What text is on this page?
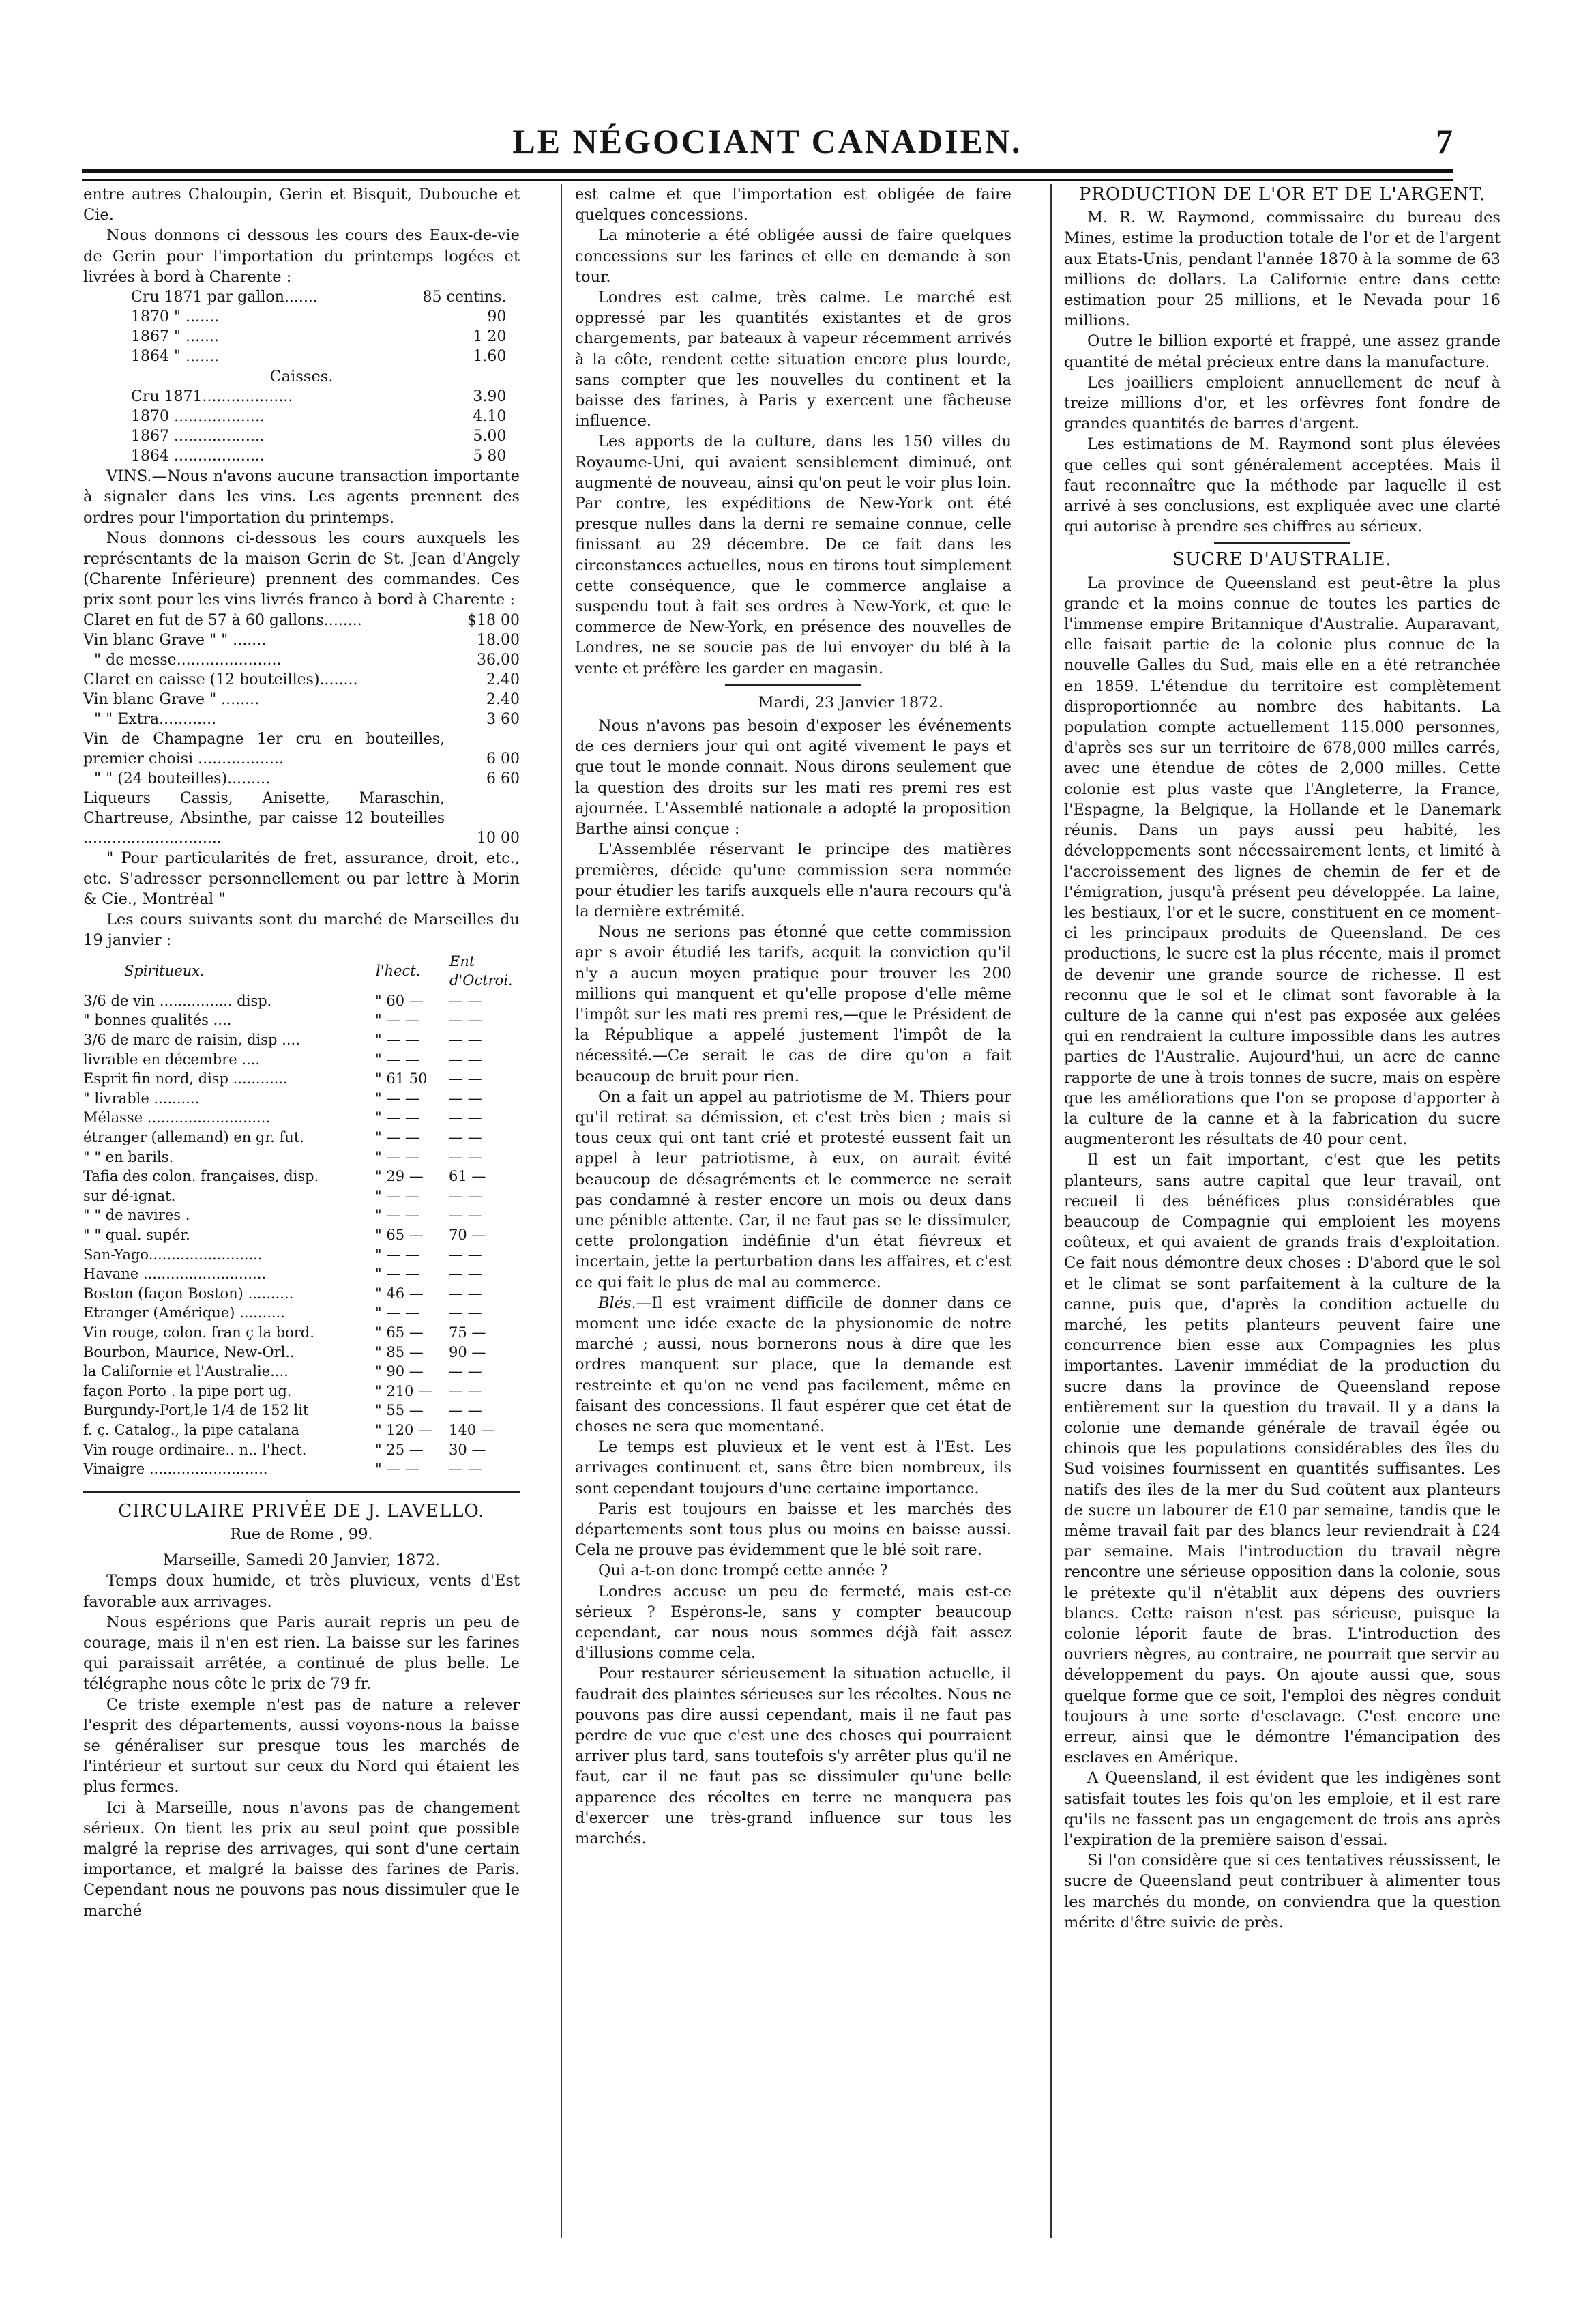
LE NÉGOCIANT CANADIEN.	7

entre autres Chaloupin, Gerin et Bisquit, Dubouche et Cie.

Nous donnons ci dessous les cours des Eaux-de-vie de Gerin pour l'importation du printemps logées et livrées à bord à Charente :

Cru 1871 par gallon.......	85 centins.
1870 " .......	90
1867 " .......	1 20
1864 " .......	1.60

Caisses.

Cru 1871...................	3.90
1870 ...................	4.10
1867 ...................	5.00
1864 ...................	5 80

VINS.—Nous n'avons aucune transaction importante à signaler dans les vins. Les agents prennent des ordres pour l'importation du printemps.

Nous donnons ci-dessous les cours auxquels les représentants de la maison Gerin de St. Jean d'Angely (Charente Inférieure) prennent des commandes. Ces prix sont pour les vins livrés franco à bord à Charente :

Claret en fut de 57 à 60 gallons........	$18 00
Vin blanc Grave " " .......	18.00
" de messe......................	36.00
Claret en caisse (12 bouteilles)........	2.40
Vin blanc Grave " ........	2.40
" " Extra............	3 60
Vin de Champagne 1er cru en bouteilles, premier choisi ..................	6 00
" " (24 bouteilles).........	6 60
Liqueurs Cassis, Anisette, Maraschin, Chartreuse, Absinthe, par caisse 12 bouteilles .............................	10 00

" Pour particularités de fret, assurance, droit, etc., etc. S'adresser personnellement ou par lettre à Morin & Cie., Montréal "

Les cours suivants sont du marché de Marseilles du 19 janvier :

Spiritueux.	l'hect.	Ent d'Octroi.
3/6 de vin ................ disp.	" 60 —	— —
" bonnes qualités ....	" — —	— —
3/6 de marc de raisin, disp ....	" — —	— —
livrable en décembre ....	" — —	— —
Esprit fin nord, disp ............	" 61 50	— —
" livrable ..........	" — —	— —
Mélasse ...........................	" — —	— —
étranger (allemand) en gr. fut.	" — —	— —
" " en barils.	" — —	— —
Tafia des colon. françaises, disp.	" 29 —	61 —
sur dé-ignat.	" — —	— —
" " de navires .	" — —	— —
" " qual. supér.	" 65 —	70 —
San-Yago.........................	" — —	— —
Havane ...........................	" — —	— —
Boston (façon Boston) ..........	" 46 —	— —
Etranger (Amérique) ..........	" — —	— —
Vin rouge, colon. fran ç la bord.	" 65 —	75 —
Bourbon, Maurice, New-Orl..	" 85 —	90 —
la Californie et l'Australie....	" 90 —	— —
façon Porto . la pipe port ug.	" 210 —	— —
Burgundy-Port,le 1/4 de 152 lit	" 55 —	— —
f. ç. Catalog., la pipe catalana	" 120 —	140 —
Vin rouge ordinaire.. n.. l'hect.	" 25 —	30 —
Vinaigre ..........................	" — —	— —

CIRCULAIRE PRIVÉE DE J. LAVELLO.

Rue de Rome , 99.

Marseille, Samedi 20 Janvier, 1872.

Temps doux humide, et très pluvieux, vents d'Est favorable aux arrivages.

Nous espérions que Paris aurait repris un peu de courage, mais il n'en est rien. La baisse sur les farines qui paraissait arrêtée, a continué de plus belle. Le télégraphe nous côte le prix de 79 fr.

Ce triste exemple n'est pas de nature a relever l'esprit des départements, aussi voyons-nous la baisse se généraliser sur presque tous les marchés de l'intérieur et surtout sur ceux du Nord qui étaient les plus fermes.

Ici à Marseille, nous n'avons pas de changement sérieux. On tient les prix au seul point que possible malgré la reprise des arrivages, qui sont d'une certain importance, et malgré la baisse des farines de Paris. Cependant nous ne pouvons pas nous dissimuler que le marché

est calme et que l'importation est obligée de faire quelques concessions.

La minoterie a été obligée aussi de faire quelques concessions sur les farines et elle en demande à son tour.

Londres est calme, très calme. Le marché est oppressé par les quantités existantes et de gros chargements, par bateaux à vapeur récemment arrivés à la côte, rendent cette situation encore plus lourde, sans compter que les nouvelles du continent et la baisse des farines, à Paris y exercent une fâcheuse influence.

Les apports de la culture, dans les 150 villes du Royaume-Uni, qui avaient sensiblement diminué, ont augmenté de nouveau, ainsi qu'on peut le voir plus loin. Par contre, les expéditions de New-York ont été presque nulles dans la derni re semaine connue, celle finissant au 29 décembre. De ce fait dans les circonstances actuelles, nous en tirons tout simplement cette conséquence, que le commerce anglaise a suspendu tout à fait ses ordres à New-York, et que le commerce de New-York, en présence des nouvelles de Londres, ne se soucie pas de lui envoyer du blé à la vente et préfère les garder en magasin.

Mardi, 23 Janvier 1872.

Nous n'avons pas besoin d'exposer les événements de ces derniers jour qui ont agité vivement le pays et que tout le monde connait. Nous dirons seulement que la question des droits sur les mati res premi res est ajournée. L'Assemblé nationale a adopté la proposition Barthe ainsi conçue :

L'Assemblée réservant le principe des matières premières, décide qu'une commission sera nommée pour étudier les tarifs auxquels elle n'aura recours qu'à la dernière extrémité.

Nous ne serions pas étonné que cette commission apr s avoir étudié les tarifs, acquit la conviction qu'il n'y a aucun moyen pratique pour trouver les 200 millions qui manquent et qu'elle propose d'elle même l'impôt sur les mati res premi res,—que le Président de la République a appelé justement l'impôt de la nécessité.—Ce serait le cas de dire qu'on a fait beaucoup de bruit pour rien.

On a fait un appel au patriotisme de M. Thiers pour qu'il retirat sa démission, et c'est très bien ; mais si tous ceux qui ont tant crié et protesté eussent fait un appel à leur patriotisme, à eux, on aurait évité beaucoup de désagréments et le commerce ne serait pas condamné à rester encore un mois ou deux dans une pénible attente. Car, il ne faut pas se le dissimuler, cette prolongation indéfinie d'un état fiévreux et incertain, jette la perturbation dans les affaires, et c'est ce qui fait le plus de mal au commerce.

Blés.—Il est vraiment difficile de donner dans ce moment une idée exacte de la physionomie de notre marché ; aussi, nous bornerons nous à dire que les ordres manquent sur place, que la demande est restreinte et qu'on ne vend pas facilement, même en faisant des concessions. Il faut espérer que cet état de choses ne sera que momentané.

Le temps est pluvieux et le vent est à l'Est. Les arrivages continuent et, sans être bien nombreux, ils sont cependant toujours d'une certaine importance.

Paris est toujours en baisse et les marchés des départements sont tous plus ou moins en baisse aussi. Cela ne prouve pas évidemment que le blé soit rare.

Qui a-t-on donc trompé cette année ?

Londres accuse un peu de fermeté, mais est-ce sérieux ? Espérons-le, sans y compter beaucoup cependant, car nous nous sommes déjà fait assez d'illusions comme cela.

Pour restaurer sérieusement la situation actuelle, il faudrait des plaintes sérieuses sur les récoltes. Nous ne pouvons pas dire aussi cependant, mais il ne faut pas perdre de vue que c'est une des choses qui pourraient arriver plus tard, sans toutefois s'y arrêter plus qu'il ne faut, car il ne faut pas se dissimuler qu'une belle apparence des récoltes en terre ne manquera pas d'exercer une très-grand influence sur tous les marchés.

PRODUCTION DE L'OR ET DE L'ARGENT.

M. R. W. Raymond, commissaire du bureau des Mines, estime la production totale de l'or et de l'argent aux Etats-Unis, pendant l'année 1870 à la somme de 63 millions de dollars. La Californie entre dans cette estimation pour 25 millions, et le Nevada pour 16 millions.

Outre le billion exporté et frappé, une assez grande quantité de métal précieux entre dans la manufacture.

Les joailliers emploient annuellement de neuf à treize millions d'or, et les orfèvres font fondre de grandes quantités de barres d'argent.

Les estimations de M. Raymond sont plus élevées que celles qui sont généralement acceptées. Mais il faut reconnaître que la méthode par laquelle il est arrivé à ses conclusions, est expliquée avec une clarté qui autorise à prendre ses chiffres au sérieux.

SUCRE D'AUSTRALIE.

La province de Queensland est peut-être la plus grande et la moins connue de toutes les parties de l'immense empire Britannique d'Australie. Auparavant, elle faisait partie de la colonie plus connue de la nouvelle Galles du Sud, mais elle en a été retranchée en 1859. L'étendue du territoire est complètement disproportionnée au nombre des habitants. La population compte actuellement 115.000 personnes, d'après ses sur un territoire de 678,000 milles carrés, avec une étendue de côtes de 2,000 milles. Cette colonie est plus vaste que l'Angleterre, la France, l'Espagne, la Belgique, la Hollande et le Danemark réunis. Dans un pays aussi peu habité, les développements sont nécessairement lents, et limité à l'accroissement des lignes de chemin de fer et de l'émigration, jusqu'à présent peu développée. La laine, les bestiaux, l'or et le sucre, constituent en ce moment-ci les principaux produits de Queensland. De ces productions, le sucre est la plus récente, mais il promet de devenir une grande source de richesse. Il est reconnu que le sol et le climat sont favorable à la culture de la canne qui n'est pas exposée aux gelées qui en rendraient la culture impossible dans les autres parties de l'Australie. Aujourd'hui, un acre de canne rapporte de une à trois tonnes de sucre, mais on espère que les améliorations que l'on se propose d'apporter à la culture de la canne et à la fabrication du sucre augmenteront les résultats de 40 pour cent.

Il est un fait important, c'est que les petits planteurs, sans autre capital que leur travail, ont recueil li des bénéfices plus considérables que beaucoup de Compagnie qui emploient les moyens coûteux, et qui avaient de grands frais d'exploitation. Ce fait nous démontre deux choses : D'abord que le sol et le climat se sont parfaitement à la culture de la canne, puis que, d'après la condition actuelle du marché, les petits planteurs peuvent faire une concurrence bien esse aux Compagnies les plus importantes. Lavenir immédiat de la production du sucre dans la province de Queensland repose entièrement sur la question du travail. Il y a dans la colonie une demande générale de travail égée ou chinois que les populations considérables des îles du Sud voisines fournissent en quantités suffisantes. Les natifs des îles de la mer du Sud coûtent aux planteurs de sucre un labourer de £10 par semaine, tandis que le même travail fait par des blancs leur reviendrait à £24 par semaine. Mais l'introduction du travail nègre rencontre une sérieuse opposition dans la colonie, sous le prétexte qu'il n'établit aux dépens des ouvriers blancs. Cette raison n'est pas sérieuse, puisque la colonie léporit faute de bras. L'introduction des ouvriers nègres, au contraire, ne pourrait que servir au développement du pays. On ajoute aussi que, sous quelque forme que ce soit, l'emploi des nègres conduit toujours à une sorte d'esclavage. C'est encore une erreur, ainsi que le démontre l'émancipation des esclaves en Amérique.

A Queensland, il est évident que les indigènes sont satisfait toutes les fois qu'on les emploie, et il est rare qu'ils ne fassent pas un engagement de trois ans après l'expiration de la première saison d'essai.

Si l'on considère que si ces tentatives réussissent, le sucre de Queensland peut contribuer à alimenter tous les marchés du monde, on conviendra que la question mérite d'être suivie de près.
